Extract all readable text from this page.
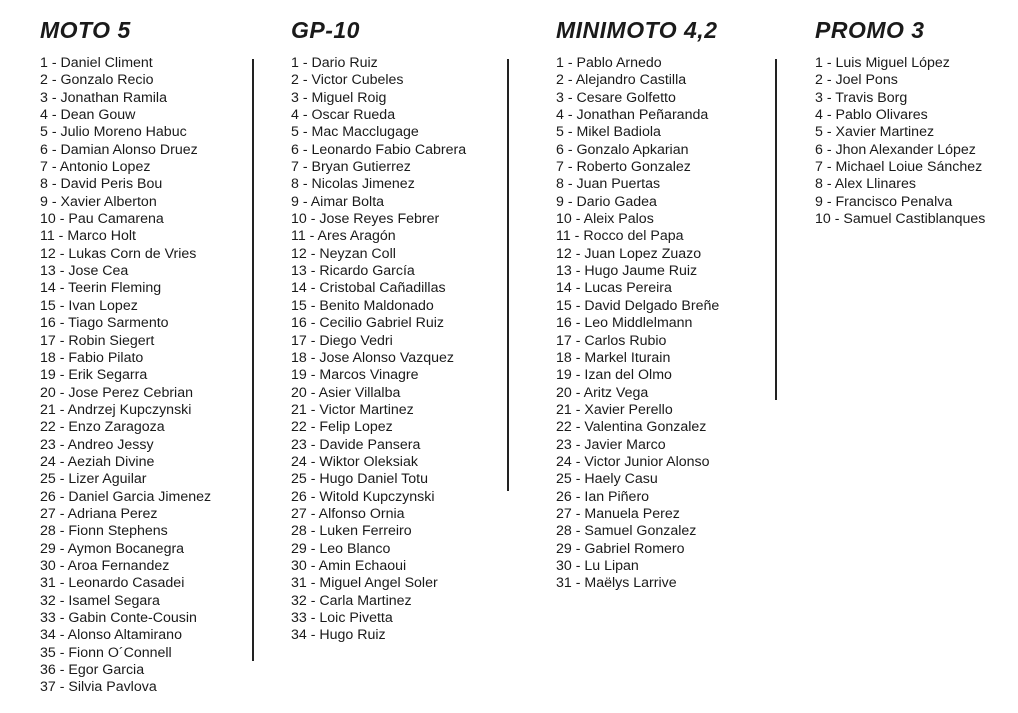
MOTO 5
1 - Daniel Climent
2 - Gonzalo Recio
3 - Jonathan Ramila
4 - Dean Gouw
5 - Julio Moreno Habuc
6 - Damian Alonso Druez
7 - Antonio Lopez
8 - David Peris Bou
9 - Xavier Alberton
10 - Pau Camarena
11 - Marco Holt
12 - Lukas Corn de Vries
13 - Jose Cea
14 - Teerin Fleming
15 - Ivan Lopez
16 - Tiago Sarmento
17 - Robin Siegert
18 - Fabio Pilato
19 - Erik Segarra
20 - Jose Perez Cebrian
21 - Andrzej Kupczynski
22 - Enzo Zaragoza
23 - Andreo Jessy
24 - Aeziah Divine
25 - Lizer Aguilar
26 - Daniel Garcia Jimenez
27 - Adriana Perez
28 - Fionn Stephens
29 - Aymon Bocanegra
30 - Aroa Fernandez
31 - Leonardo Casadei
32 - Isamel Segara
33 - Gabin Conte-Cousin
34 - Alonso Altamirano
35 - Fionn O´Connell
36 - Egor Garcia
37 - Silvia Pavlova
GP-10
1 - Dario Ruiz
2 - Victor Cubeles
3 - Miguel Roig
4 - Oscar Rueda
5 - Mac Macclugage
6 - Leonardo Fabio Cabrera
7 - Bryan Gutierrez
8 - Nicolas Jimenez
9 - Aimar Bolta
10 - Jose Reyes Febrer
11 - Ares Aragón
12 - Neyzan Coll
13 - Ricardo García
14 - Cristobal Cañadillas
15 - Benito Maldonado
16 - Cecilio Gabriel Ruiz
17 - Diego Vedri
18 - Jose Alonso Vazquez
19 - Marcos Vinagre
20 - Asier Villalba
21 - Victor Martinez
22 - Felip Lopez
23 - Davide Pansera
24 - Wiktor Oleksiak
25 - Hugo Daniel Totu
26 - Witold Kupczynski
27 - Alfonso Ornia
28 - Luken Ferreiro
29 - Leo Blanco
30 - Amin Echaoui
31 - Miguel Angel Soler
32 - Carla Martinez
33 - Loic Pivetta
34 - Hugo Ruiz
MINIMOTO 4,2
1 - Pablo Arnedo
2 - Alejandro Castilla
3 - Cesare Golfetto
4 - Jonathan Peñaranda
5 - Mikel Badiola
6 - Gonzalo Apkarian
7 - Roberto Gonzalez
8 - Juan Puertas
9 - Dario Gadea
10 - Aleix Palos
11 - Rocco del Papa
12 - Juan Lopez Zuazo
13 - Hugo Jaume Ruiz
14 - Lucas Pereira
15 - David Delgado Breñe
16 - Leo Middlelmann
17 - Carlos Rubio
18 - Markel Iturain
19 - Izan del Olmo
20 - Aritz Vega
21 - Xavier Perello
22 - Valentina Gonzalez
23 - Javier Marco
24 - Victor Junior Alonso
25 - Haely Casu
26 - Ian Piñero
27 - Manuela Perez
28 - Samuel Gonzalez
29 - Gabriel Romero
30 - Lu Lipan
31 - Maëlys Larrive
PROMO 3
1 - Luis Miguel López
2 - Joel Pons
3 - Travis Borg
4 - Pablo Olivares
5 - Xavier Martinez
6 - Jhon Alexander López
7 - Michael Loiue Sánchez
8 - Alex Llinares
9 - Francisco Penalva
10 - Samuel Castiblanques
